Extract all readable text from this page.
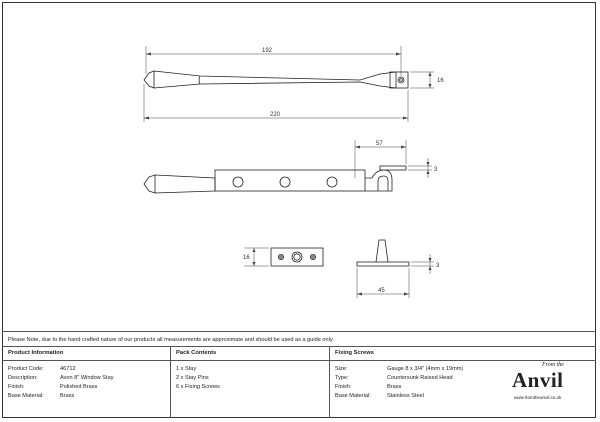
192
220
16
57
3
16
3
45
Please Note, due to the hand crafted nature of our products all measurements are approximate and should be used as a guide only.
Product Information	Pack Contents	Fixing Screws
Product Code:	46712
Description:	Avon 8" Window Stay
Finish:	Polished Brass
Base Material:	Brass
1 x Stay
2 x Stay Pins
6 x Fixing Screws
Size:	Gauge 8 x 3/4" (4mm x 19mm)
Type:	Countersunk Raised Head
Finish:	Brass
Base Material:	Stainless Steel
From the
Anvil
www.fromtheanvil.co.uk
